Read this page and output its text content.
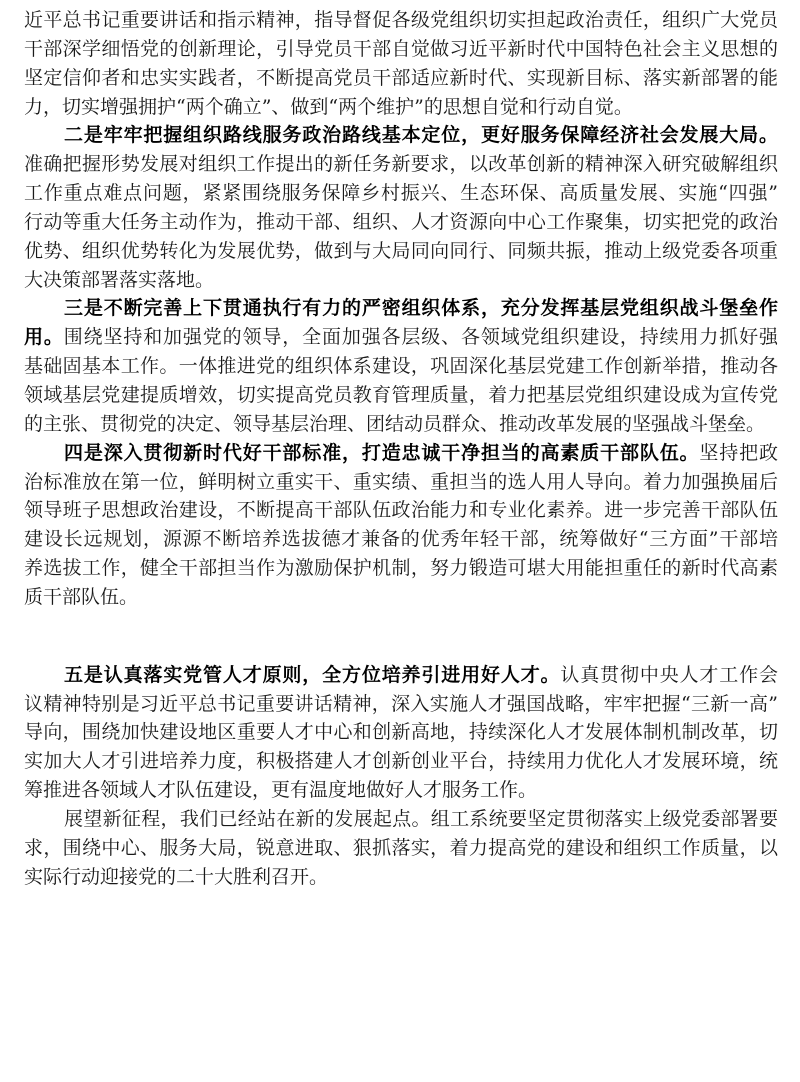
近平总书记重要讲话和指示精神，指导督促各级党组织切实担起政治责任，组织广大党员
干部深学细悟党的创新理论，引导党员干部自觉做习近平新时代中国特色社会主义思想的
坚定信仰者和忠实实践者，不断提高党员干部适应新时代、实现新目标、落实新部署的能
力，切实增强拥护“两个确立”、做到“两个维护”的思想自觉和行动自觉。
二是牢牢把握组织路线服务政治路线基本定位，更好服务保障经济社会发展大局。
准确把握形势发展对组织工作提出的新任务新要求，以改革创新的精神深入研究破解组织
工作重点难点问题，紧紧围绕服务保障乡村振兴、生态环保、高质量发展、实施“四强”
行动等重大任务主动作为，推动干部、组织、人才资源向中心工作聚集，切实把党的政治
优势、组织优势转化为发展优势，做到与大局同向同行、同频共振，推动上级党委各项重
大决策部署落实落地。
三是不断完善上下贯通执行有力的严密组织体系，充分发挥基层党组织战斗堡垒作
用。围绕坚持和加强党的领导，全面加强各层级、各领域党组织建设，持续用力抓好强
基础固基本工作。一体推进党的组织体系建设，巩固深化基层党建工作创新举措，推动各
领域基层党建提质增效，切实提高党员教育管理质量，着力把基层党组织建设成为宣传党
的主张、贯彻党的决定、领导基层治理、团结动员群众、推动改革发展的坚强战斗堡垒。
四是深入贯彻新时代好干部标准，打造忠诚干净担当的高素质干部队伍。坚持把政
治标准放在第一位，鲜明树立重实干、重实绩、重担当的选人用人导向。着力加强换届后
领导班子思想政治建设，不断提高干部队伍政治能力和专业化素养。进一步完善干部队伍
建设长远规划，源源不断培养选拔德才兼备的优秀年轻干部，统筹做好“三方面”干部培
养选拔工作，健全干部担当作为激励保护机制，努力锻造可堪大用能担重任的新时代高素
质干部队伍。
五是认真落实党管人才原则，全方位培养引进用好人才。认真贯彻中央人才工作会
议精神特别是习近平总书记重要讲话精神，深入实施人才强国战略，牢牢把握“三新一高”
导向，围绕加快建设地区重要人才中心和创新高地，持续深化人才发展体制机制改革，切
实加大人才引进培养力度，积极搭建人才创新创业平台，持续用力优化人才发展环境，统
筹推进各领域人才队伍建设，更有温度地做好人才服务工作。
展望新征程，我们已经站在新的发展起点。组工系统要坚定贯彻落实上级党委部署要
求，围绕中心、服务大局，锐意进取、狠抓落实，着力提高党的建设和组织工作质量，以
实际行动迎接党的二十大胜利召开。
